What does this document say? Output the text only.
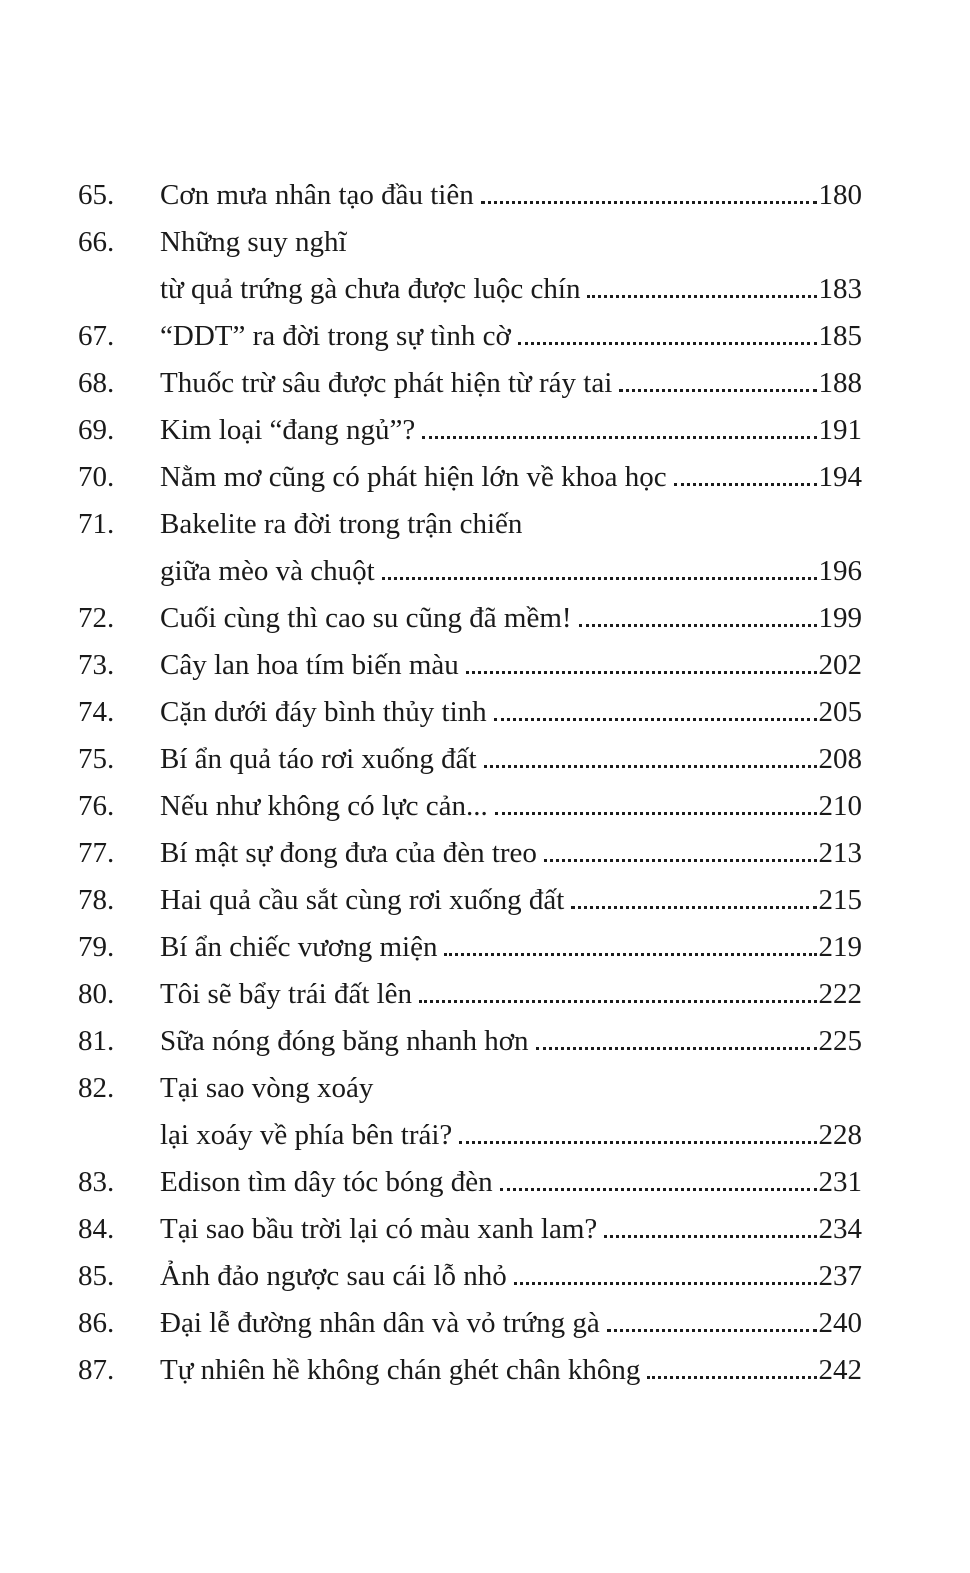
65.	Cơn mưa nhân tạo đầu tiên	180
66.	Những suy nghĩ
từ quả trứng gà chưa được luộc chín	183
67.	“DDT” ra đời trong sự tình cờ	185
68.	Thuốc trừ sâu được phát hiện từ ráy tai	188
69.	Kim loại “đang ngủ”?	191
70.	Nằm mơ cũng có phát hiện lớn về khoa học	194
71.	Bakelite ra đời trong trận chiến
giữa mèo và chuột	196
72.	Cuối cùng thì cao su cũng đã mềm!	199
73.	Cây lan hoa tím biến màu	202
74.	Cặn dưới đáy bình thủy tinh	205
75.	Bí ẩn quả táo rơi xuống đất	208
76.	Nếu như không có lực cản...	210
77.	Bí mật sự đong đưa của đèn treo	213
78.	Hai quả cầu sắt cùng rơi xuống đất	215
79.	Bí ẩn chiếc vương miện	219
80.	Tôi sẽ bẩy trái đất lên	222
81.	Sữa nóng đóng băng nhanh hơn	225
82.	Tại sao vòng xoáy
lại xoáy về phía bên trái?	228
83.	Edison tìm dây tóc bóng đèn	231
84.	Tại sao bầu trời lại có màu xanh lam?	234
85.	Ảnh đảo ngược sau cái lỗ nhỏ	237
86.	Đại lễ đường nhân dân và vỏ trứng gà	240
87.	Tự nhiên hề không chán ghét chân không	242
